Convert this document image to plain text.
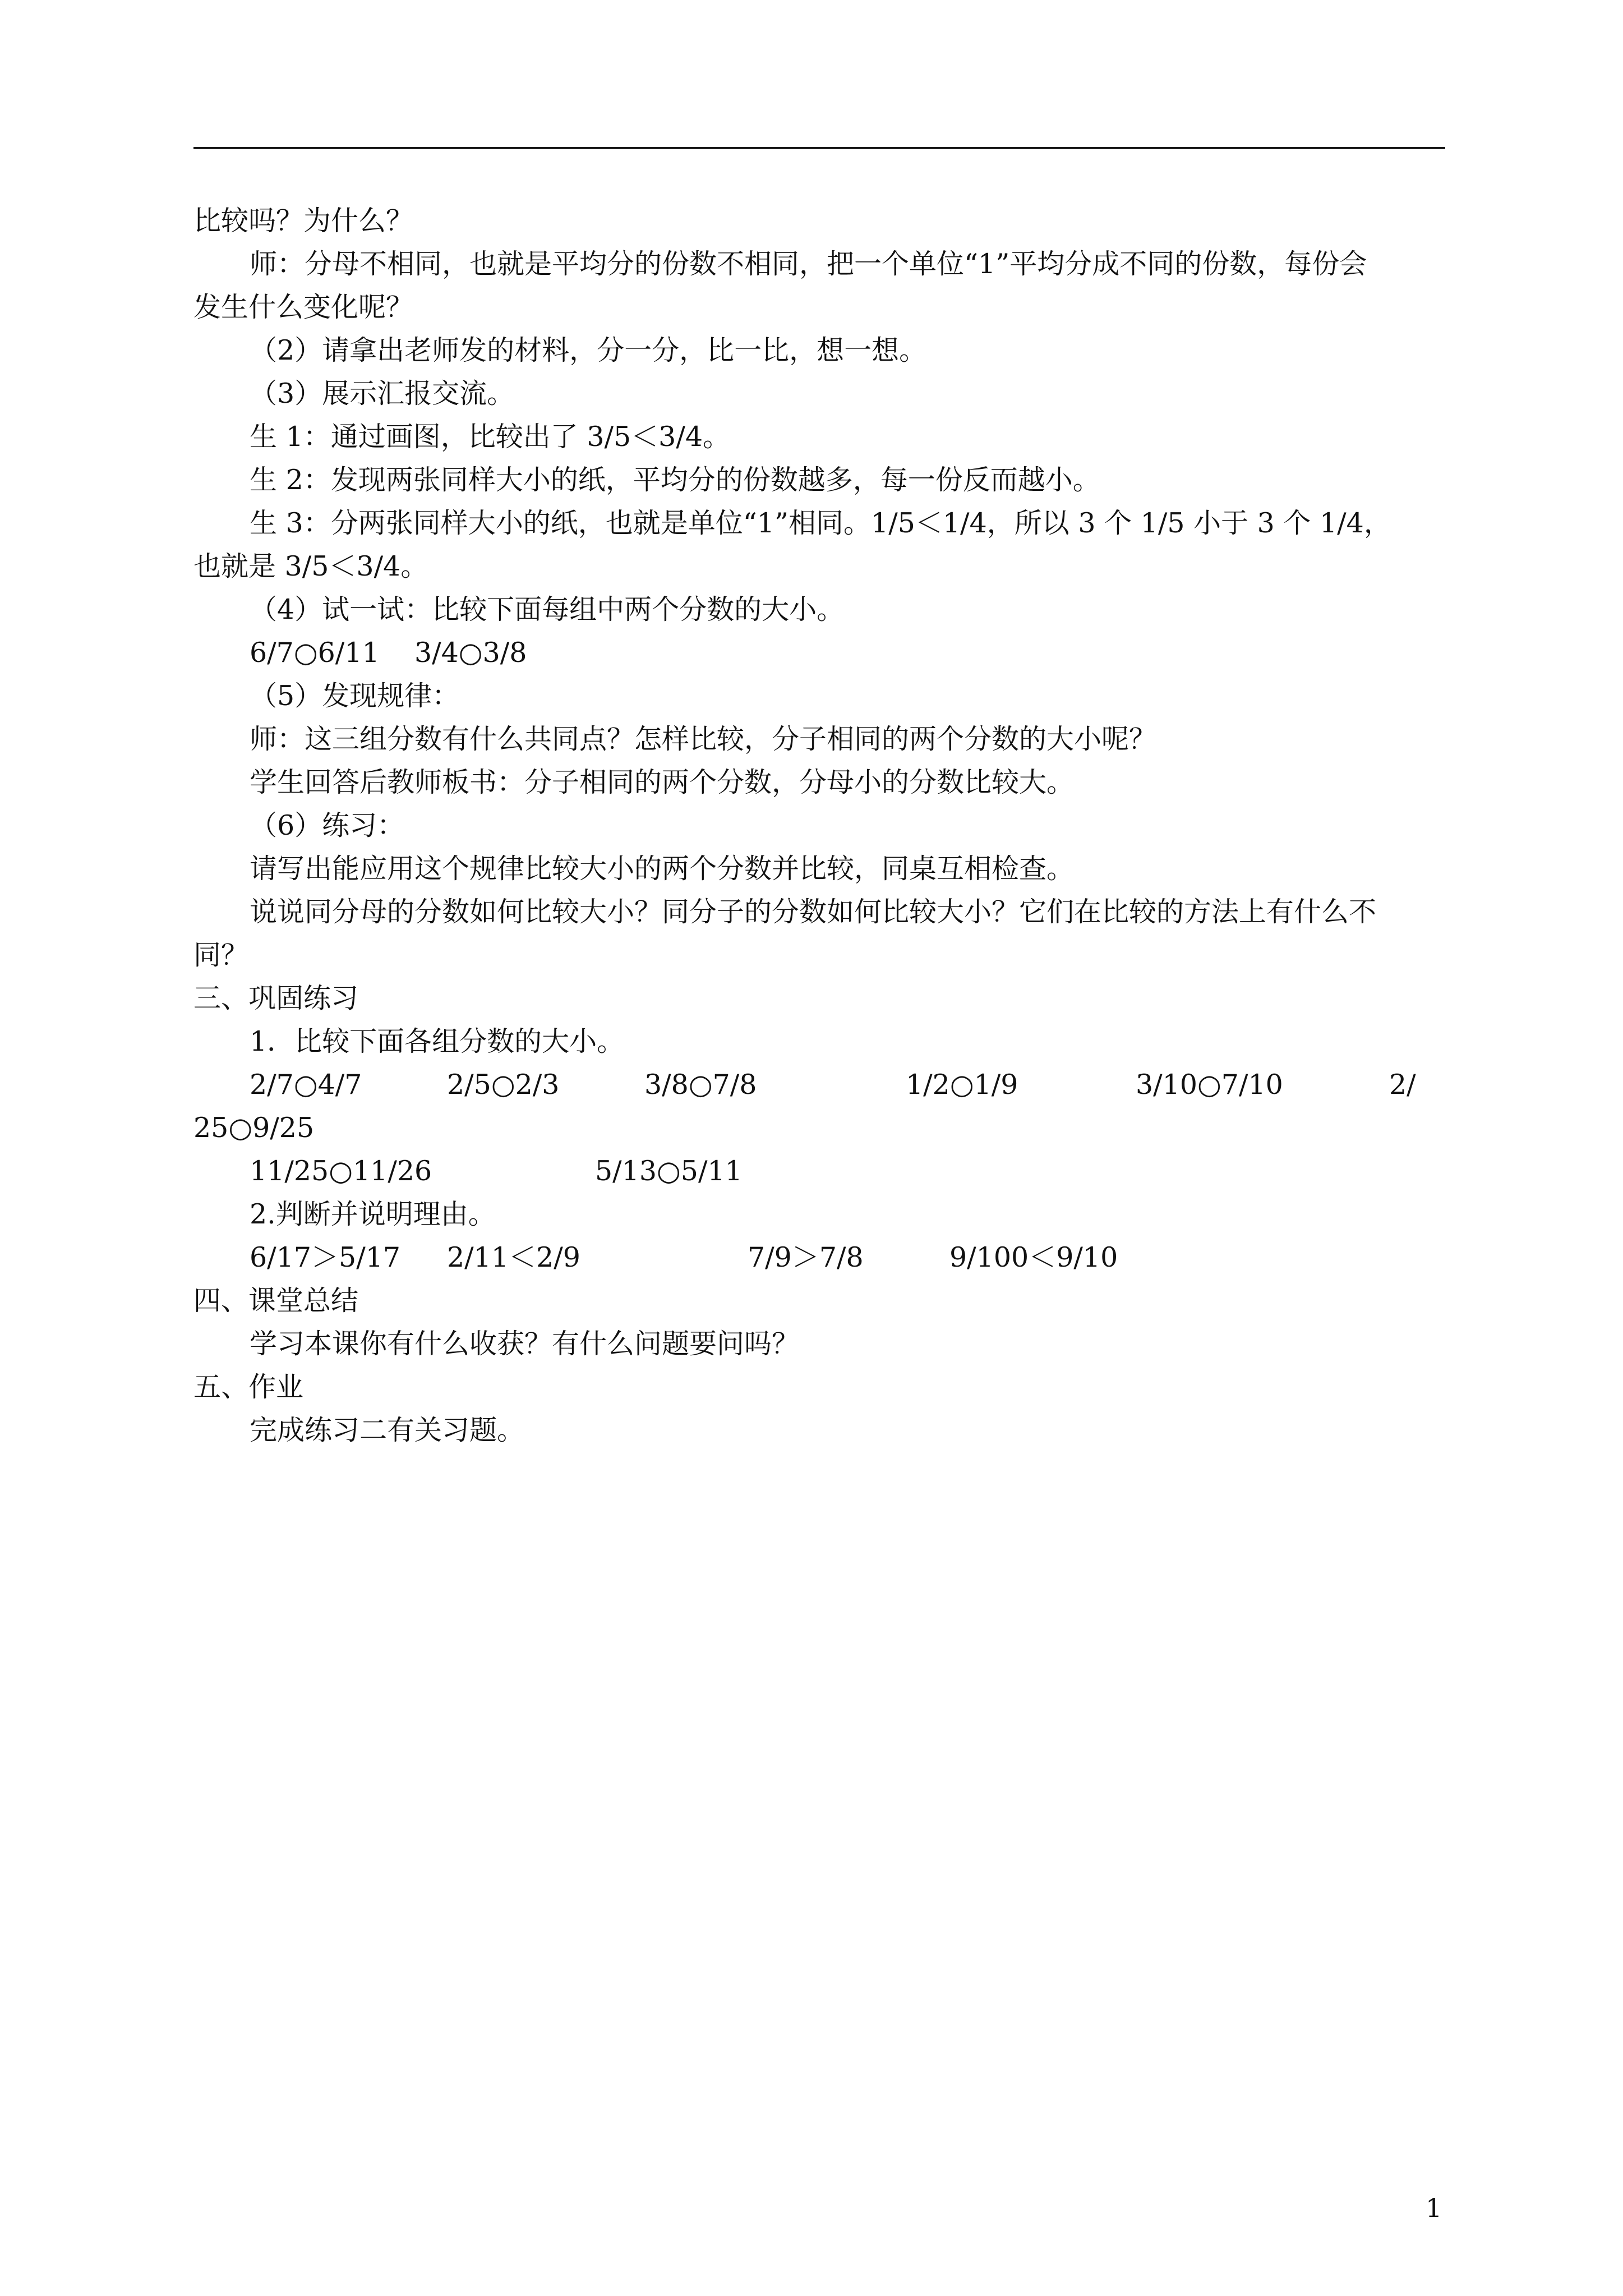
比较吗？为什么？
师：分母不相同，也就是平均分的份数不相同，把一个单位“1”平均分成不同的份数，每份会
发生什么变化呢？
（2）请拿出老师发的材料，分一分，比一比，想一想。
（3）展示汇报交流。
生 1：通过画图，比较出了 3/5＜3/4。
生 2：发现两张同样大小的纸，平均分的份数越多，每一份反而越小。
生 3：分两张同样大小的纸，也就是单位“1”相同。1/5＜1/4，所以 3 个 1/5 小于 3 个 1/4，
也就是 3/5＜3/4。
（4）试一试：比较下面每组中两个分数的大小。
6/7○6/11    3/4○3/8
（5）发现规律：
师：这三组分数有什么共同点？怎样比较，分子相同的两个分数的大小呢？
学生回答后教师板书：分子相同的两个分数，分母小的分数比较大。
（6）练习：
请写出能应用这个规律比较大小的两个分数并比较，同桌互相检查。
说说同分母的分数如何比较大小？同分子的分数如何比较大小？它们在比较的方法上有什么不
同？
三、巩固练习
1．比较下面各组分数的大小。
2/7○4/7	2/5○2/3	3/8○7/8	1/2○1/9	3/10○7/10	2/
25○9/25
11/25○11/26	5/13○5/11
2.判断并说明理由。
6/17＞5/17	2/11＜2/9	7/9＞7/8	9/100＜9/10
四、课堂总结
学习本课你有什么收获？有什么问题要问吗？
五、作业
完成练习二有关习题。
1
